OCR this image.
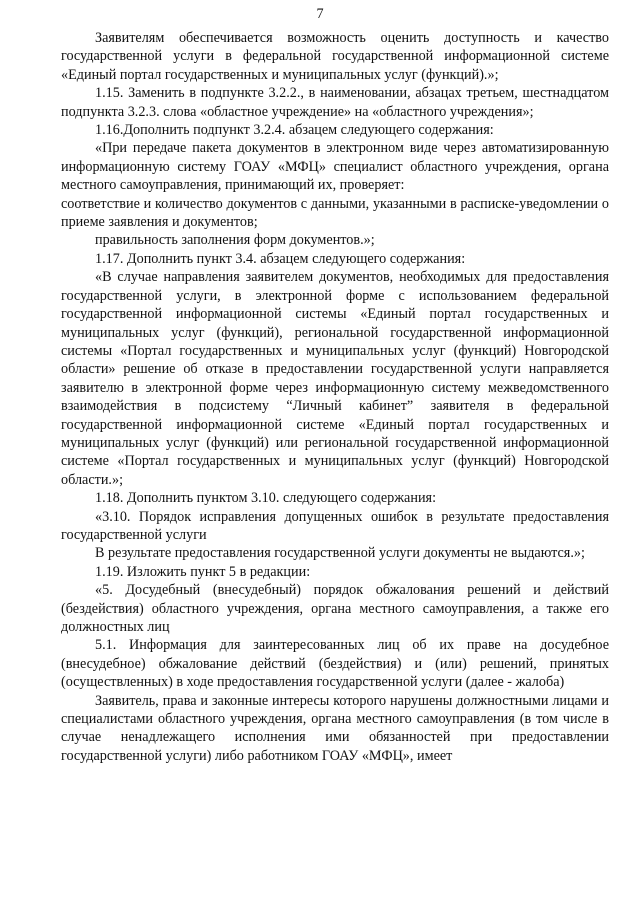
7

Заявителям обеспечивается возможность оценить доступность и качество государственной услуги в федеральной государственной информационной системе «Единый портал государственных и муниципальных услуг (функций).»;

1.15. Заменить в подпункте 3.2.2., в наименовании, абзацах третьем, шестнадцатом подпункта 3.2.3. слова «областное учреждение» на «областного учреждения»;

1.16.Дополнить подпункт 3.2.4. абзацем следующего содержания:

«При передаче пакета документов в электронном виде через автоматизированную информационную систему ГОАУ «МФЦ» специалист областного учреждения, органа местного самоуправления, принимающий их, проверяет:

соответствие и количество документов с данными, указанными в расписке-уведомлении о приеме заявления и документов;

правильность заполнения форм документов.»;

1.17. Дополнить пункт 3.4. абзацем следующего содержания:

«В случае направления заявителем документов, необходимых для предоставления государственной услуги, в электронной форме с использованием федеральной государственной информационной системы «Единый портал государственных и муниципальных услуг (функций), региональной государственной информационной системы «Портал государственных и муниципальных услуг (функций) Новгородской области» решение об отказе в предоставлении государственной услуги направляется заявителю в электронной форме через информационную систему межведомственного взаимодействия в подсистему “Личный кабинет” заявителя в федеральной государственной информационной системе «Единый портал государственных и муниципальных услуг (функций) или региональной государственной информационной системе «Портал государственных и муниципальных услуг (функций) Новгородской области.»;

1.18. Дополнить пунктом 3.10. следующего содержания:

«3.10. Порядок исправления допущенных ошибок в результате предоставления государственной услуги

В результате предоставления государственной услуги документы не выдаются.»;

1.19. Изложить пункт 5 в редакции:

«5. Досудебный (внесудебный) порядок обжалования решений и действий (бездействия) областного учреждения, органа местного самоуправления, а также его должностных лиц

5.1. Информация для заинтересованных лиц об их праве на досудебное (внесудебное) обжалование действий (бездействия) и (или) решений, принятых (осуществленных) в ходе предоставления государственной услуги (далее - жалоба)

Заявитель, права и законные интересы которого нарушены должностными лицами и специалистами областного учреждения, органа местного самоуправления (в том числе в случае ненадлежащего исполнения ими обязанностей при предоставлении государственной услуги) либо работником ГОАУ «МФЦ», имеет
